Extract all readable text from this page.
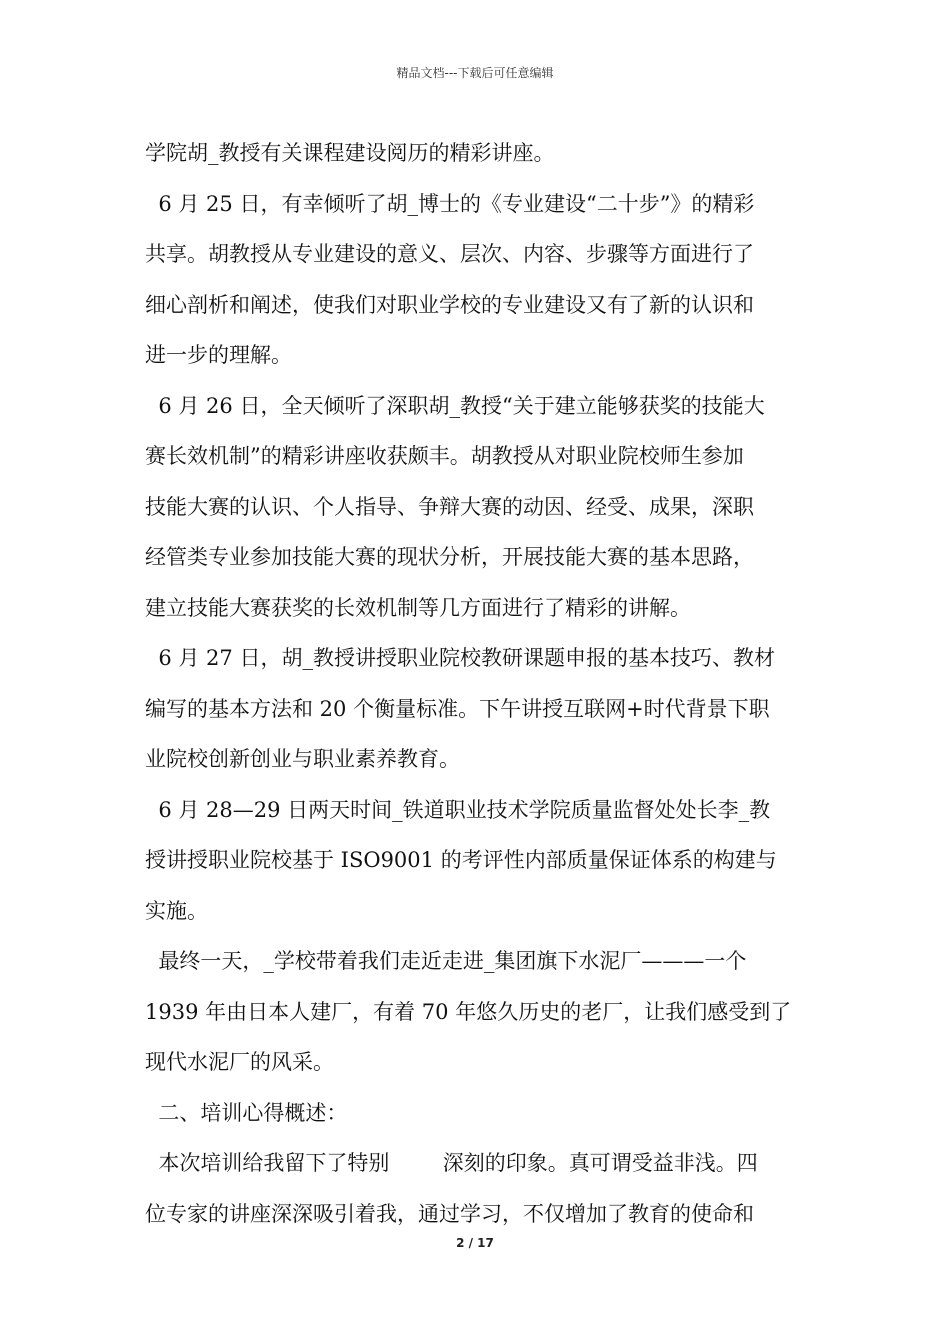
精品文档---下载后可任意编辑

学院胡_教授有关课程建设阅历的精彩讲座。

6 月 25 日，有幸倾听了胡_博士的《专业建设“二十步”》的精彩
共享。胡教授从专业建设的意义、层次、内容、步骤等方面进行了
细心剖析和阐述，使我们对职业学校的专业建设又有了新的认识和
进一步的理解。

6 月 26 日，全天倾听了深职胡_教授“关于建立能够获奖的技能大
赛长效机制”的精彩讲座收获颇丰。胡教授从对职业院校师生参加
技能大赛的认识、个人指导、争辩大赛的动因、经受、成果，深职
经管类专业参加技能大赛的现状分析，开展技能大赛的基本思路，
建立技能大赛获奖的长效机制等几方面进行了精彩的讲解。

6 月 27 日，胡_教授讲授职业院校教研课题申报的基本技巧、教材
编写的基本方法和 20 个衡量标准。下午讲授互联网+时代背景下职
业院校创新创业与职业素养教育。

6 月 28—29 日两天时间_铁道职业技术学院质量监督处处长李_教
授讲授职业院校基于 ISO9001 的考评性内部质量保证体系的构建与
实施。

最终一天，_学校带着我们走近走进_集团旗下水泥厂———一个
1939 年由日本人建厂，有着 70 年悠久历史的老厂，让我们感受到了
现代水泥厂的风采。

二、培训心得概述：

本次培训给我留下了特别        深刻的印象。真可谓受益非浅。四
位专家的讲座深深吸引着我，通过学习，不仅增加了教育的使命和

2 / 17
